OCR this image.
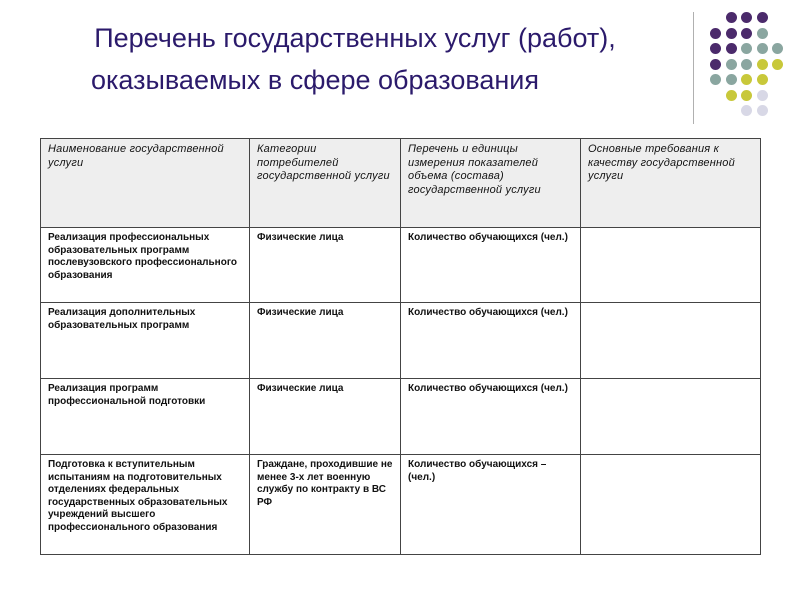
Перечень государственных услуг (работ),
оказываемых в сфере образования
Наименование государственной услуги	Категории потребителей государственной услуги	Перечень и единицы измерения показателей объема (состава) государственной услуги	Основные требования к качеству государственной услуги
Реализация профессиональных образовательных программ послевузовского профессионального образования	Физические лица	Количество обучающихся (чел.)	
Реализация дополнительных образовательных программ	Физические лица	Количество обучающихся (чел.)	
Реализация программ профессиональной подготовки	Физические лица	Количество обучающихся (чел.)	
Подготовка к вступительным испытаниям на подготовительных отделениях федеральных государственных образовательных учреждений высшего профессионального образования	Граждане, проходившие не менее 3-х лет военную службу по контракту в ВС РФ	Количество обучающихся – (чел.)	
